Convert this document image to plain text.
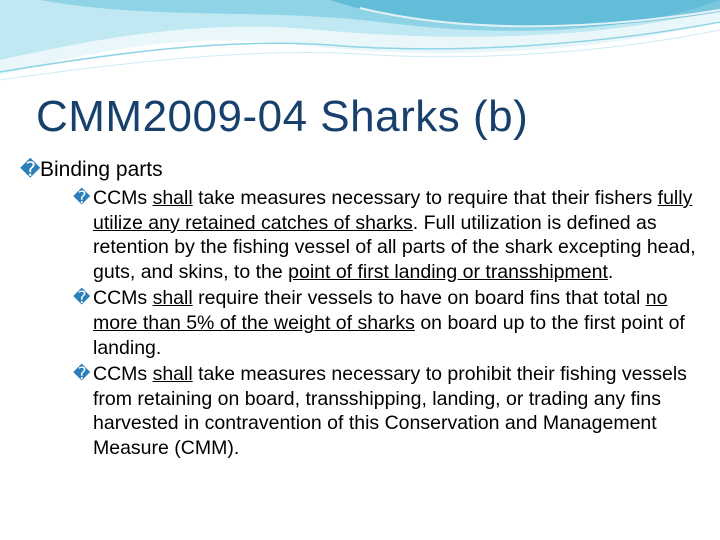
CMM2009-04 Sharks (b)
� Binding parts
� CCMs shall take measures necessary to require that their fishers fully utilize any retained catches of sharks. Full utilization is defined as retention by the fishing vessel of all parts of the shark excepting head, guts, and skins, to the point of first landing or transshipment.
� CCMs shall require their vessels to have on board fins that total no more than 5% of the weight of sharks on board up to the first point of landing.
� CCMs shall take measures necessary to prohibit their fishing vessels from retaining on board, transshipping, landing, or trading any fins harvested in contravention of this Conservation and Management Measure (CMM).
